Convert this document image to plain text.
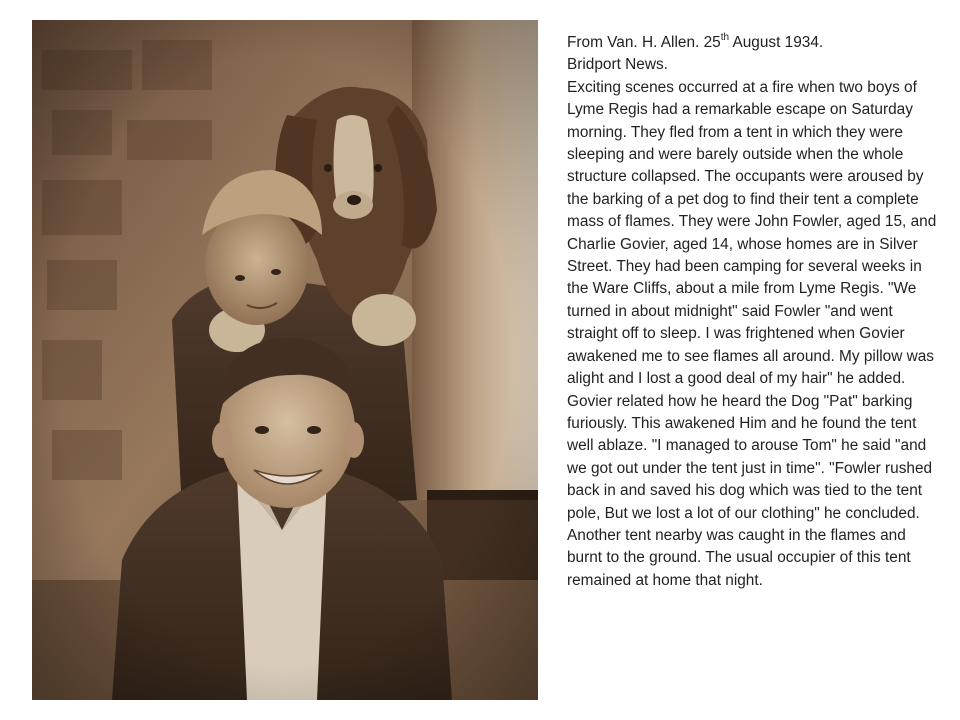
From Van. H. Allen. 25th August 1934.

Bridport News.

Exciting scenes occurred at a fire when two boys of Lyme Regis had a remarkable escape on Saturday morning. They fled from a tent in which they were sleeping and were barely outside when the whole structure collapsed. The occupants were aroused by the barking of a pet dog to find their tent a complete mass of flames. They were John Fowler, aged 15, and Charlie Govier, aged 14, whose homes are in Silver Street. They had been camping for several weeks in the Ware Cliffs, about a mile from Lyme Regis. "We turned in about midnight" said Fowler "and went straight off to sleep. I was frightened when Govier awakened me to see flames all around. My pillow was alight and I lost a good deal of my hair" he added. Govier related how he heard the Dog "Pat" barking furiously. This awakened Him and he found the tent well ablaze. "I managed to arouse Tom" he said "and we got out under the tent just in time". "Fowler rushed back in and saved his dog which was tied to the tent pole, But we lost a lot of our clothing" he concluded. Another tent nearby was caught in the flames and burnt to the ground. The usual occupier of this tent remained at home that night.
